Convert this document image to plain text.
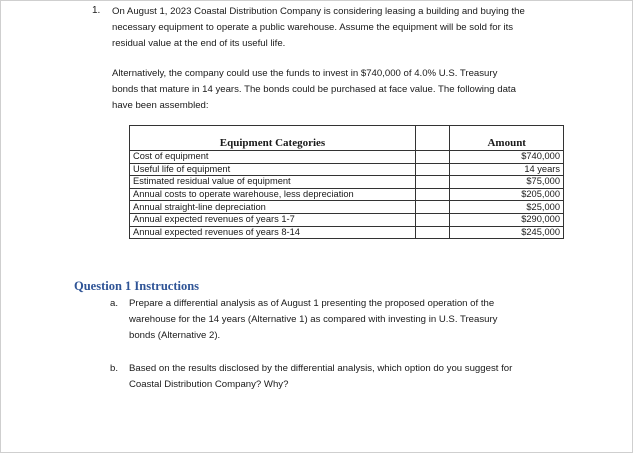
1. On August 1, 2023 Coastal Distribution Company is considering leasing a building and buying the
necessary equipment to operate a public warehouse. Assume the equipment will be sold for its
residual value at the end of its useful life.
Alternatively, the company could use the funds to invest in $740,000 of 4.0% U.S. Treasury
bonds that mature in 14 years. The bonds could be purchased at face value. The following data
have been assembled:
Equipment Categories		Amount
Cost of equipment		$740,000
Useful life of equipment		14 years
Estimated residual value of equipment		$75,000
Annual costs to operate warehouse, less depreciation		$205,000
Annual straight-line depreciation		$25,000
Annual expected revenues of years 1-7		$290,000
Annual expected revenues of years 8-14		$245,000
Question 1 Instructions
a. Prepare a differential analysis as of August 1 presenting the proposed operation of the
warehouse for the 14 years (Alternative 1) as compared with investing in U.S. Treasury
bonds (Alternative 2).
b. Based on the results disclosed by the differential analysis, which option do you suggest for
Coastal Distribution Company? Why?
